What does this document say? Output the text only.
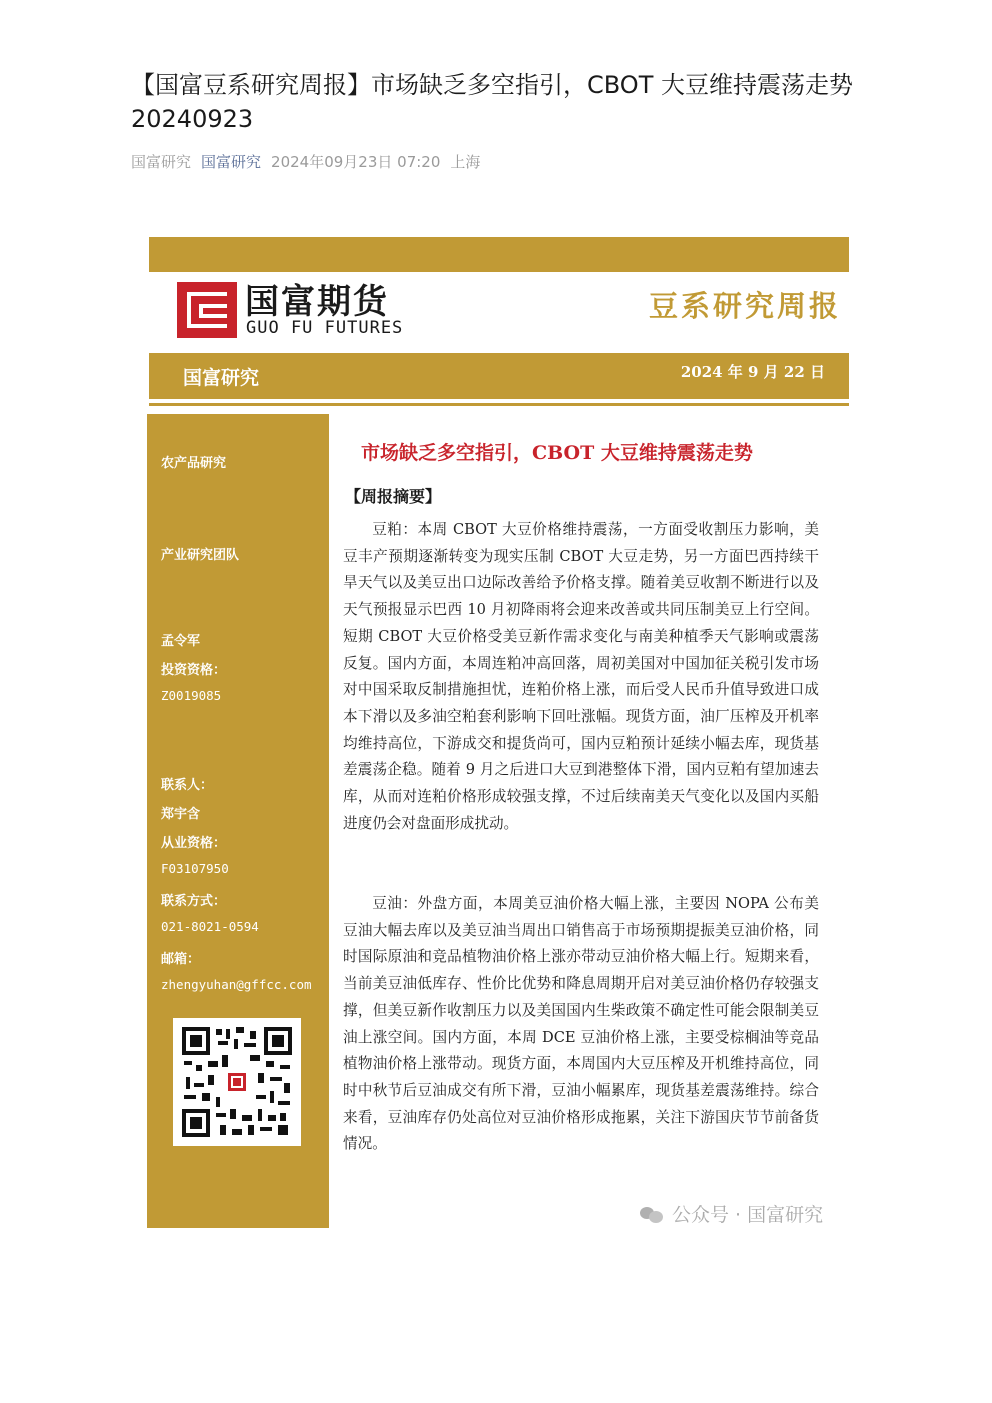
【国富豆系研究周报】市场缺乏多空指引，CBOT 大豆维持震荡走势
20240923
国富研究 国富研究 2024年09月23日 07:20 上海
国富期货
GUO FU FUTURES
豆系研究周报
国富研究	2024 年 9 月 22 日
农产品研究
产业研究团队
孟令军
投资资格：
Z0019085
联系人：
郑宇含
从业资格：
F03107950
联系方式：
021-8021-0594
邮箱：
zhengyuhan@gffcc.com
市场缺乏多空指引，CBOT 大豆维持震荡走势
【周报摘要】

豆粕：本周 CBOT 大豆价格维持震荡，一方面受收割压力影响，美豆丰产预期逐渐转变为现实压制 CBOT 大豆走势，另一方面巴西持续干旱天气以及美豆出口边际改善给予价格支撑。随着美豆收割不断进行以及天气预报显示巴西 10 月初降雨将会迎来改善或共同压制美豆上行空间。短期 CBOT 大豆价格受美豆新作需求变化与南美种植季天气影响或震荡反复。国内方面，本周连粕冲高回落，周初美国对中国加征关税引发市场对中国采取反制措施担忧，连粕价格上涨，而后受人民币升值导致进口成本下滑以及多油空粕套利影响下回吐涨幅。现货方面，油厂压榨及开机率均维持高位，下游成交和提货尚可，国内豆粕预计延续小幅去库，现货基差震荡企稳。随着 9 月之后进口大豆到港整体下滑，国内豆粕有望加速去库，从而对连粕价格形成较强支撑，不过后续南美天气变化以及国内买船进度仍会对盘面形成扰动。

豆油：外盘方面，本周美豆油价格大幅上涨，主要因 NOPA 公布美豆油大幅去库以及美豆油当周出口销售高于市场预期提振美豆油价格，同时国际原油和竞品植物油价格上涨亦带动豆油价格大幅上行。短期来看，当前美豆油低库存、性价比优势和降息周期开启对美豆油价格仍存较强支撑，但美豆新作收割压力以及美国国内生柴政策不确定性可能会限制美豆油上涨空间。国内方面，本周 DCE 豆油价格上涨，主要受棕榈油等竞品植物油价格上涨带动。现货方面，本周国内大豆压榨及开机维持高位，同时中秋节后豆油成交有所下滑，豆油小幅累库，现货基差震荡维持。综合来看，豆油库存仍处高位对豆油价格形成拖累，关注下游国庆节节前备货情况。

公众号 · 国富研究
